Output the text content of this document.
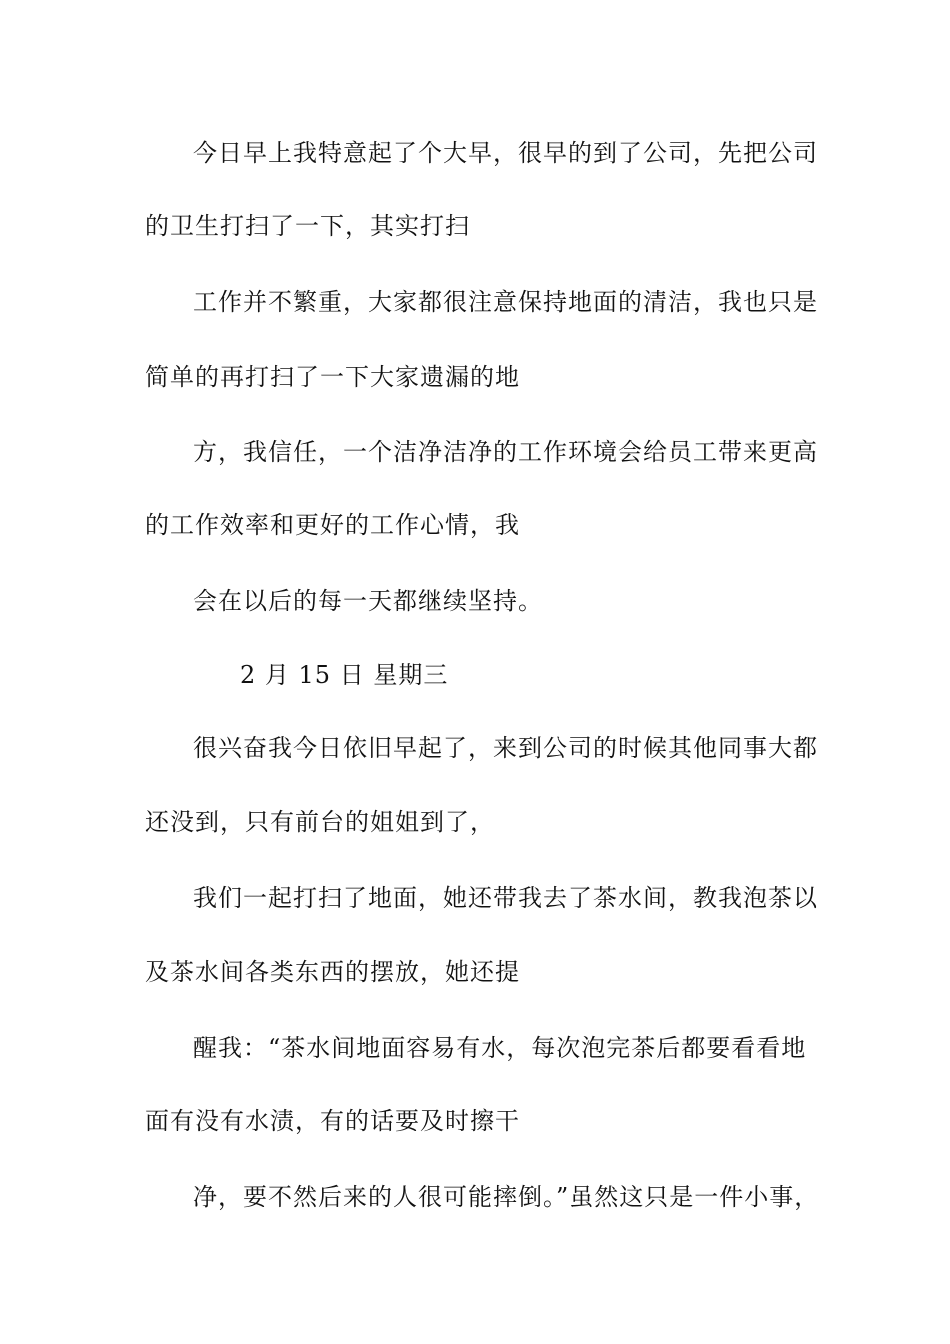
今日早上我特意起了个大早，很早的到了公司，先把公司
的卫生打扫了一下，其实打扫
工作并不繁重，大家都很注意保持地面的清洁，我也只是
简单的再打扫了一下大家遗漏的地
方，我信任，一个洁净洁净的工作环境会给员工带来更高
的工作效率和更好的工作心情，我
会在以后的每一天都继续坚持。
2 月 15 日 星期三
很兴奋我今日依旧早起了，来到公司的时候其他同事大都
还没到，只有前台的姐姐到了，
我们一起打扫了地面，她还带我去了茶水间，教我泡茶以
及茶水间各类东西的摆放，她还提
醒我：“茶水间地面容易有水，每次泡完茶后都要看看地
面有没有水渍，有的话要及时擦干
净，要不然后来的人很可能摔倒。”虽然这只是一件小事，
